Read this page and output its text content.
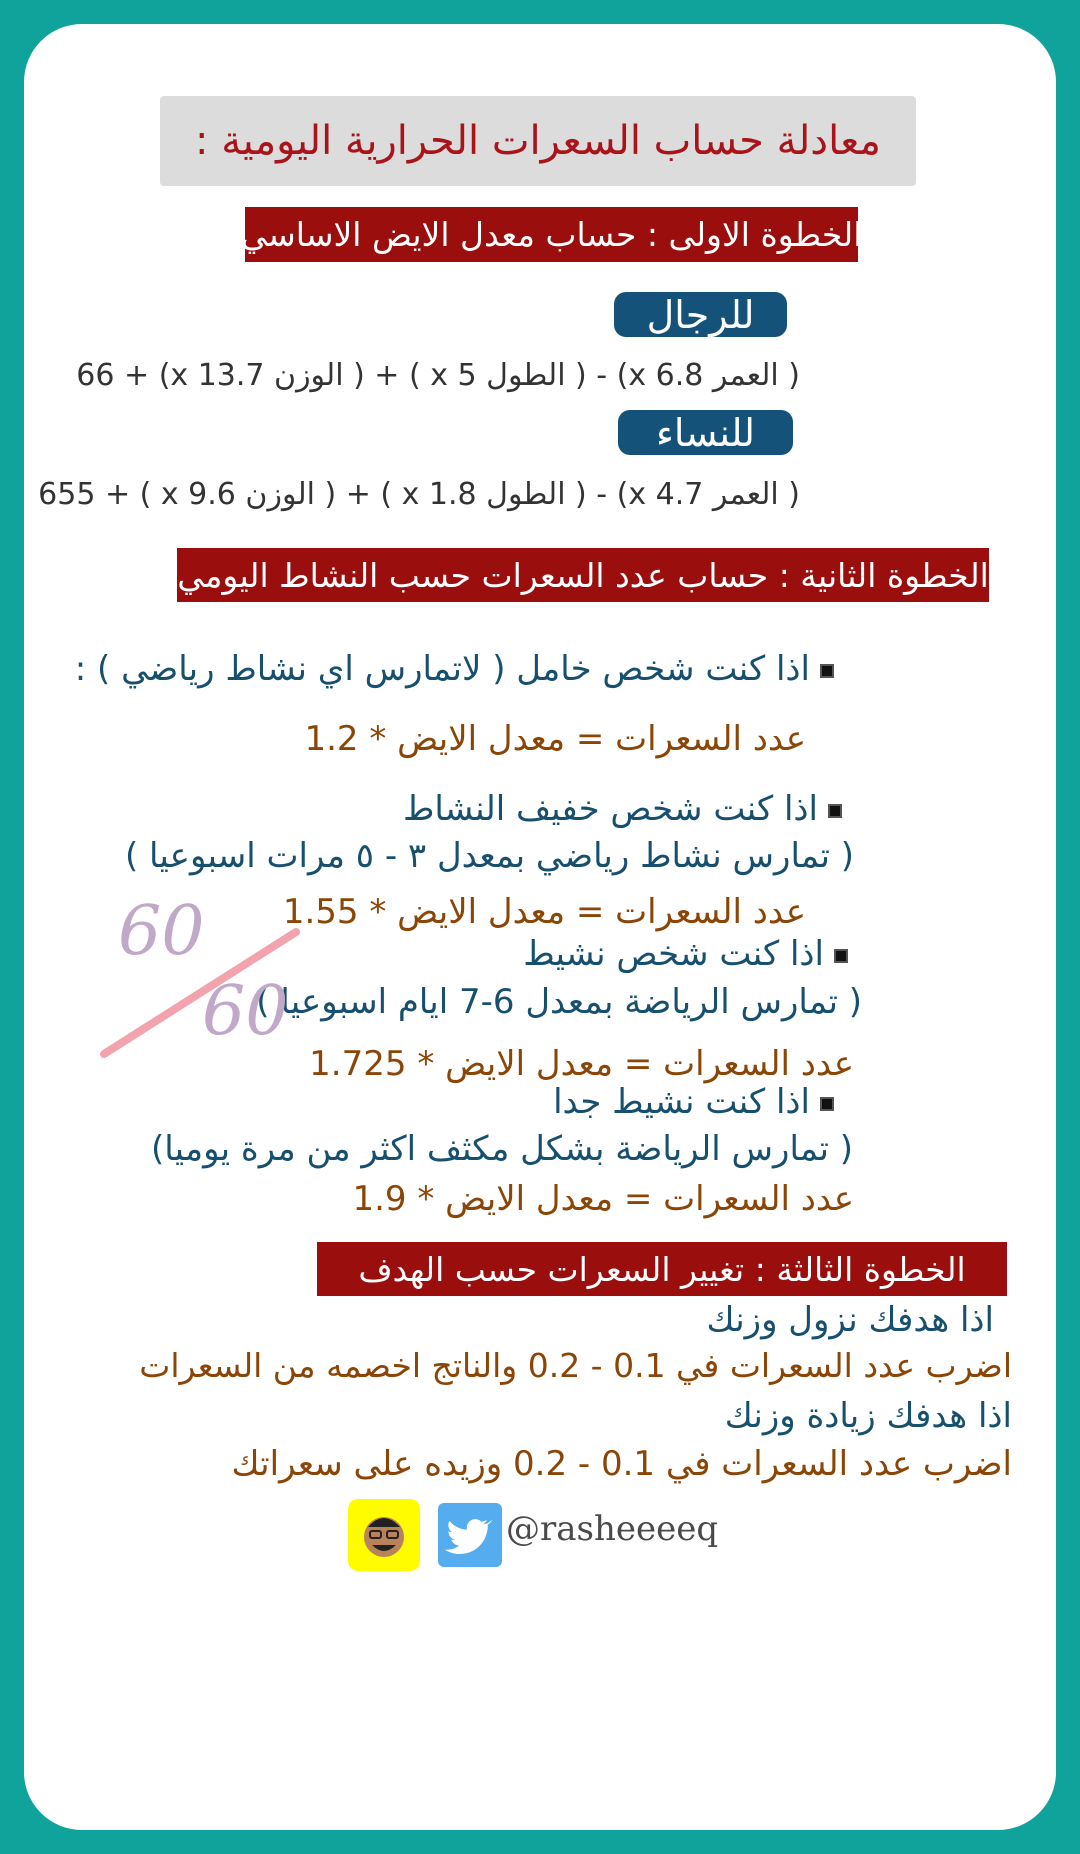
معادلة حساب السعرات الحرارية اليومية :
الخطوة الاولى : حساب معدل الايض الاساسي
للرجال
( العمر x 6.8) - ( الطول x 5 ) + ( الوزن x 13.7) + 66
للنساء
( العمر x 4.7) - ( الطول x 1.8 ) + ( الوزن x 9.6 ) + 655
الخطوة الثانية : حساب عدد السعرات حسب النشاط اليومي
اذا كنت شخص خامل ( لاتمارس اي نشاط رياضي ) :
عدد السعرات = معدل الايض * 1.2
اذا كنت شخص خفيف النشاط
( تمارس نشاط رياضي بمعدل ٣ - ٥ مرات اسبوعيا )
عدد السعرات = معدل الايض * 1.55
اذا كنت شخص نشيط
( تمارس الرياضة بمعدل 6-7 ايام اسبوعيا )
عدد السعرات = معدل الايض * 1.725
اذا كنت نشيط جدا
( تمارس الرياضة بشكل مكثف اكثر من مرة يوميا)
عدد السعرات = معدل الايض * 1.9
60
60
الخطوة الثالثة : تغيير السعرات حسب الهدف
اذا هدفك نزول وزنك
اضرب عدد السعرات في 0.1 - 0.2 والناتج اخصمه من السعرات
اذا هدفك زيادة وزنك
اضرب عدد السعرات في 0.1 - 0.2 وزيده على سعراتك
@rasheeeeq
